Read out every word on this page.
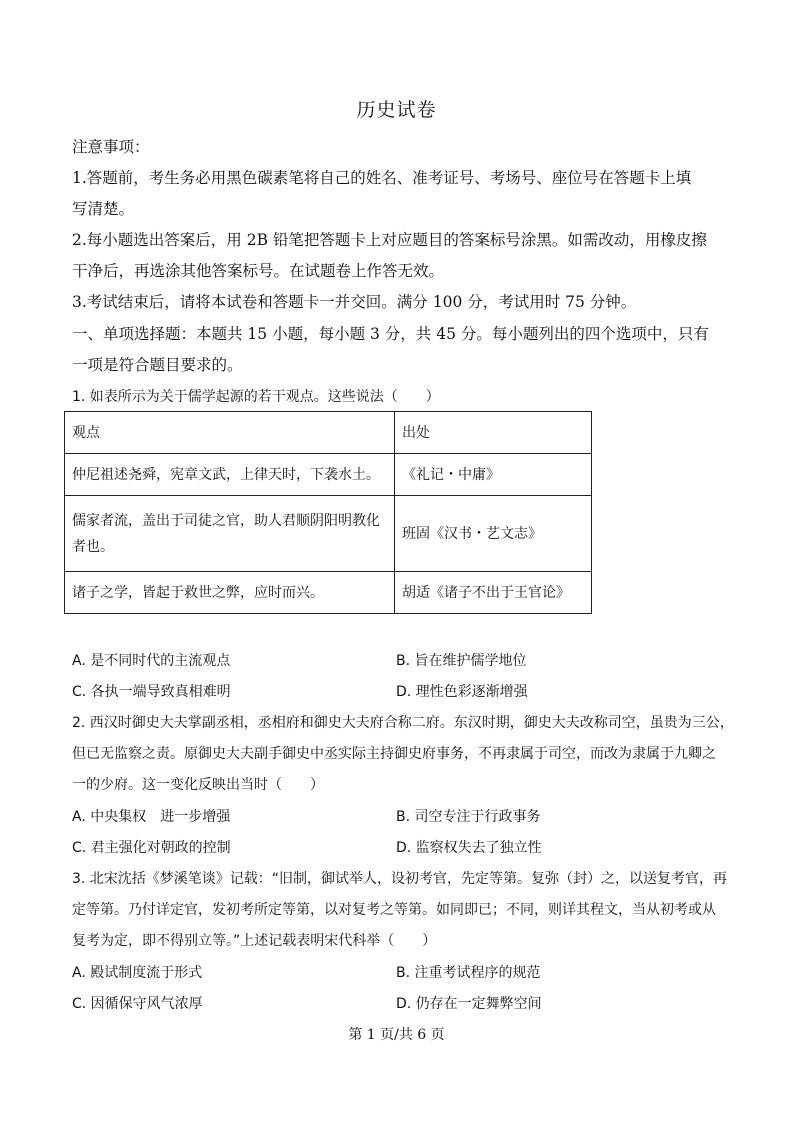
历史试卷
注意事项：
1.答题前，考生务必用黑色碳素笔将自己的姓名、准考证号、考场号、座位号在答题卡上填
写清楚。
2.每小题选出答案后，用 2B 铅笔把答题卡上对应题目的答案标号涂黑。如需改动，用橡皮擦
干净后，再选涂其他答案标号。在试题卷上作答无效。
3.考试结束后，请将本试卷和答题卡一并交回。满分 100 分，考试用时 75 分钟。
一、单项选择题：本题共 15 小题，每小题 3 分，共 45 分。每小题列出的四个选项中，只有
一项是符合题目要求的。
1. 如表所示为关于儒学起源的若干观点。这些说法（　　）
观点	出处
仲尼祖述尧舜，宪章文武，上律天时，下袭水土。	《礼记・中庸》

儒家者流，盖出于司徒之官，助人君顺阴阳明教化
者也。	班固《汉书・艺文志》
诸子之学，皆起于救世之弊，应时而兴。	胡适《诸子不出于王官论》
A. 是不同时代的主流观点	B. 旨在维护儒学地位
C. 各执一端导致真相难明	D. 理性色彩逐渐增强
2. 西汉时御史大夫掌副丞相，丞相府和御史大夫府合称二府。东汉时期，御史大夫改称司空，虽贵为三公，
但已无监察之责。原御史大夫副手御史中丞实际主持御史府事务，不再隶属于司空，而改为隶属于九卿之
一的少府。这一变化反映出当时（　　）
A. 中央集权　进一步增强	B. 司空专注于行政事务
C. 君主强化对朝政的控制	D. 监察权失去了独立性
3. 北宋沈括《梦溪笔谈》记载：“旧制，御试举人，设初考官，先定等第。复弥（封）之，以送复考官，再
定等第。乃付详定官，发初考所定等第，以对复考之等第。如同即已；不同，则详其程文，当从初考或从
复考为定，即不得别立等。”上述记载表明宋代科举（　　）
A. 殿试制度流于形式	B. 注重考试程序的规范
C. 因循保守风气浓厚	D. 仍存在一定舞弊空间
第 1 页/共 6 页
